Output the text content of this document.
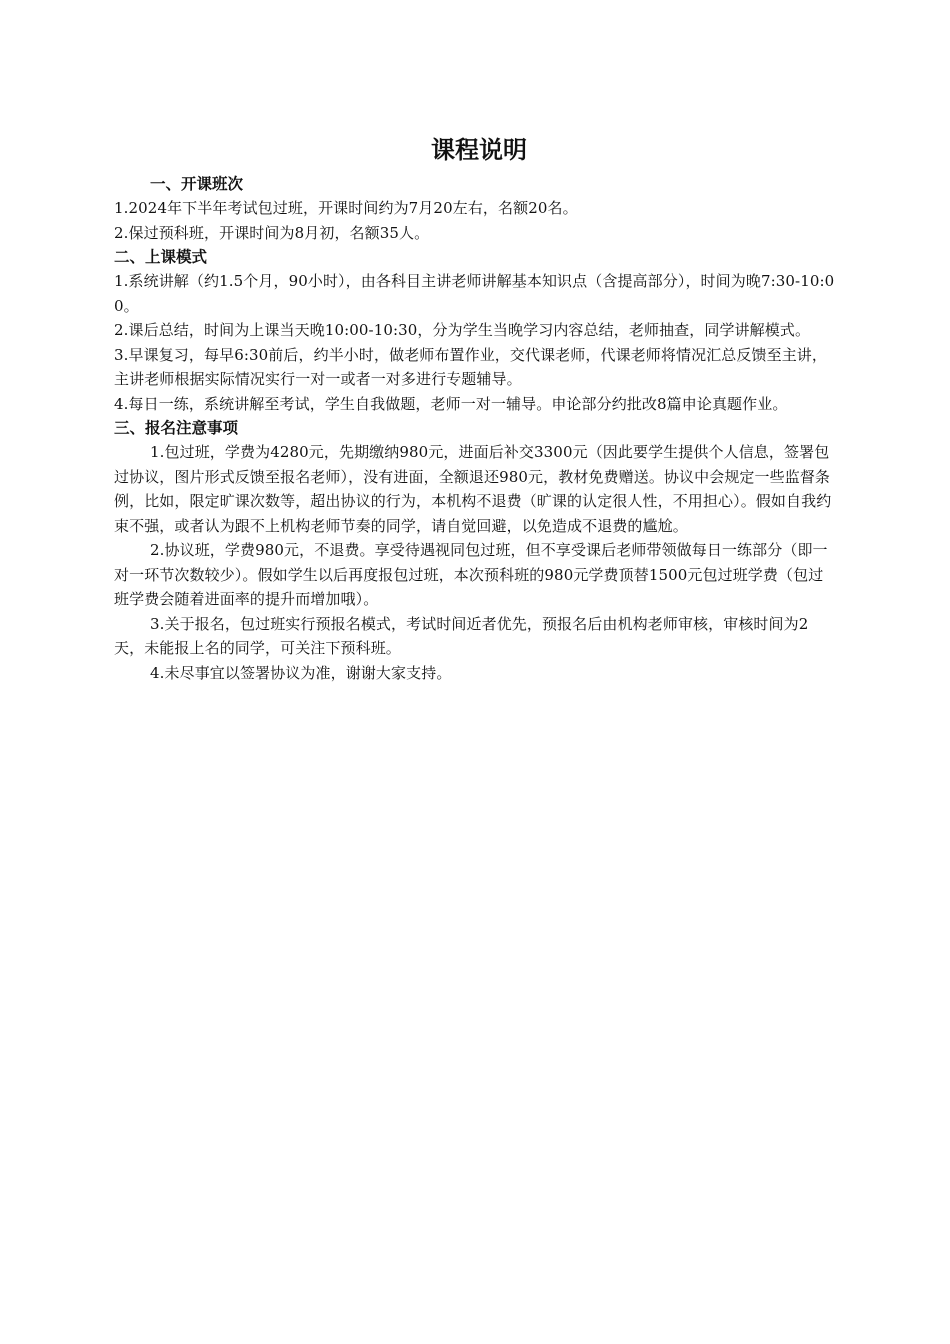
课程说明
一、开课班次

1.2024年下半年考试包过班，开课时间约为7月20左右，名额20名。

2.保过预科班，开课时间为8月初，名额35人。

二、上课模式

1.系统讲解（约1.5个月，90小时），由各科目主讲老师讲解基本知识点（含提高部分），时间为晚7:30-10:00。

2.课后总结，时间为上课当天晚10:00-10:30，分为学生当晚学习内容总结，老师抽查，同学讲解模式。

3.早课复习，每早6:30前后，约半小时，做老师布置作业，交代课老师，代课老师将情况汇总反馈至主讲，主讲老师根据实际情况实行一对一或者一对多进行专题辅导。

4.每日一练，系统讲解至考试，学生自我做题，老师一对一辅导。申论部分约批改8篇申论真题作业。

三、报名注意事项

1.包过班，学费为4280元，先期缴纳980元，进面后补交3300元（因此要学生提供个人信息，签署包过协议，图片形式反馈至报名老师），没有进面，全额退还980元，教材免费赠送。协议中会规定一些监督条例，比如，限定旷课次数等，超出协议的行为，本机构不退费（旷课的认定很人性，不用担心）。假如自我约束不强，或者认为跟不上机构老师节奏的同学，请自觉回避，以免造成不退费的尴尬。

2.协议班，学费980元，不退费。享受待遇视同包过班，但不享受课后老师带领做每日一练部分（即一对一环节次数较少）。假如学生以后再度报包过班，本次预科班的980元学费顶替1500元包过班学费（包过班学费会随着进面率的提升而增加哦）。

3.关于报名，包过班实行预报名模式，考试时间近者优先，预报名后由机构老师审核，审核时间为2天，未能报上名的同学，可关注下预科班。

4.未尽事宜以签署协议为准，谢谢大家支持。
